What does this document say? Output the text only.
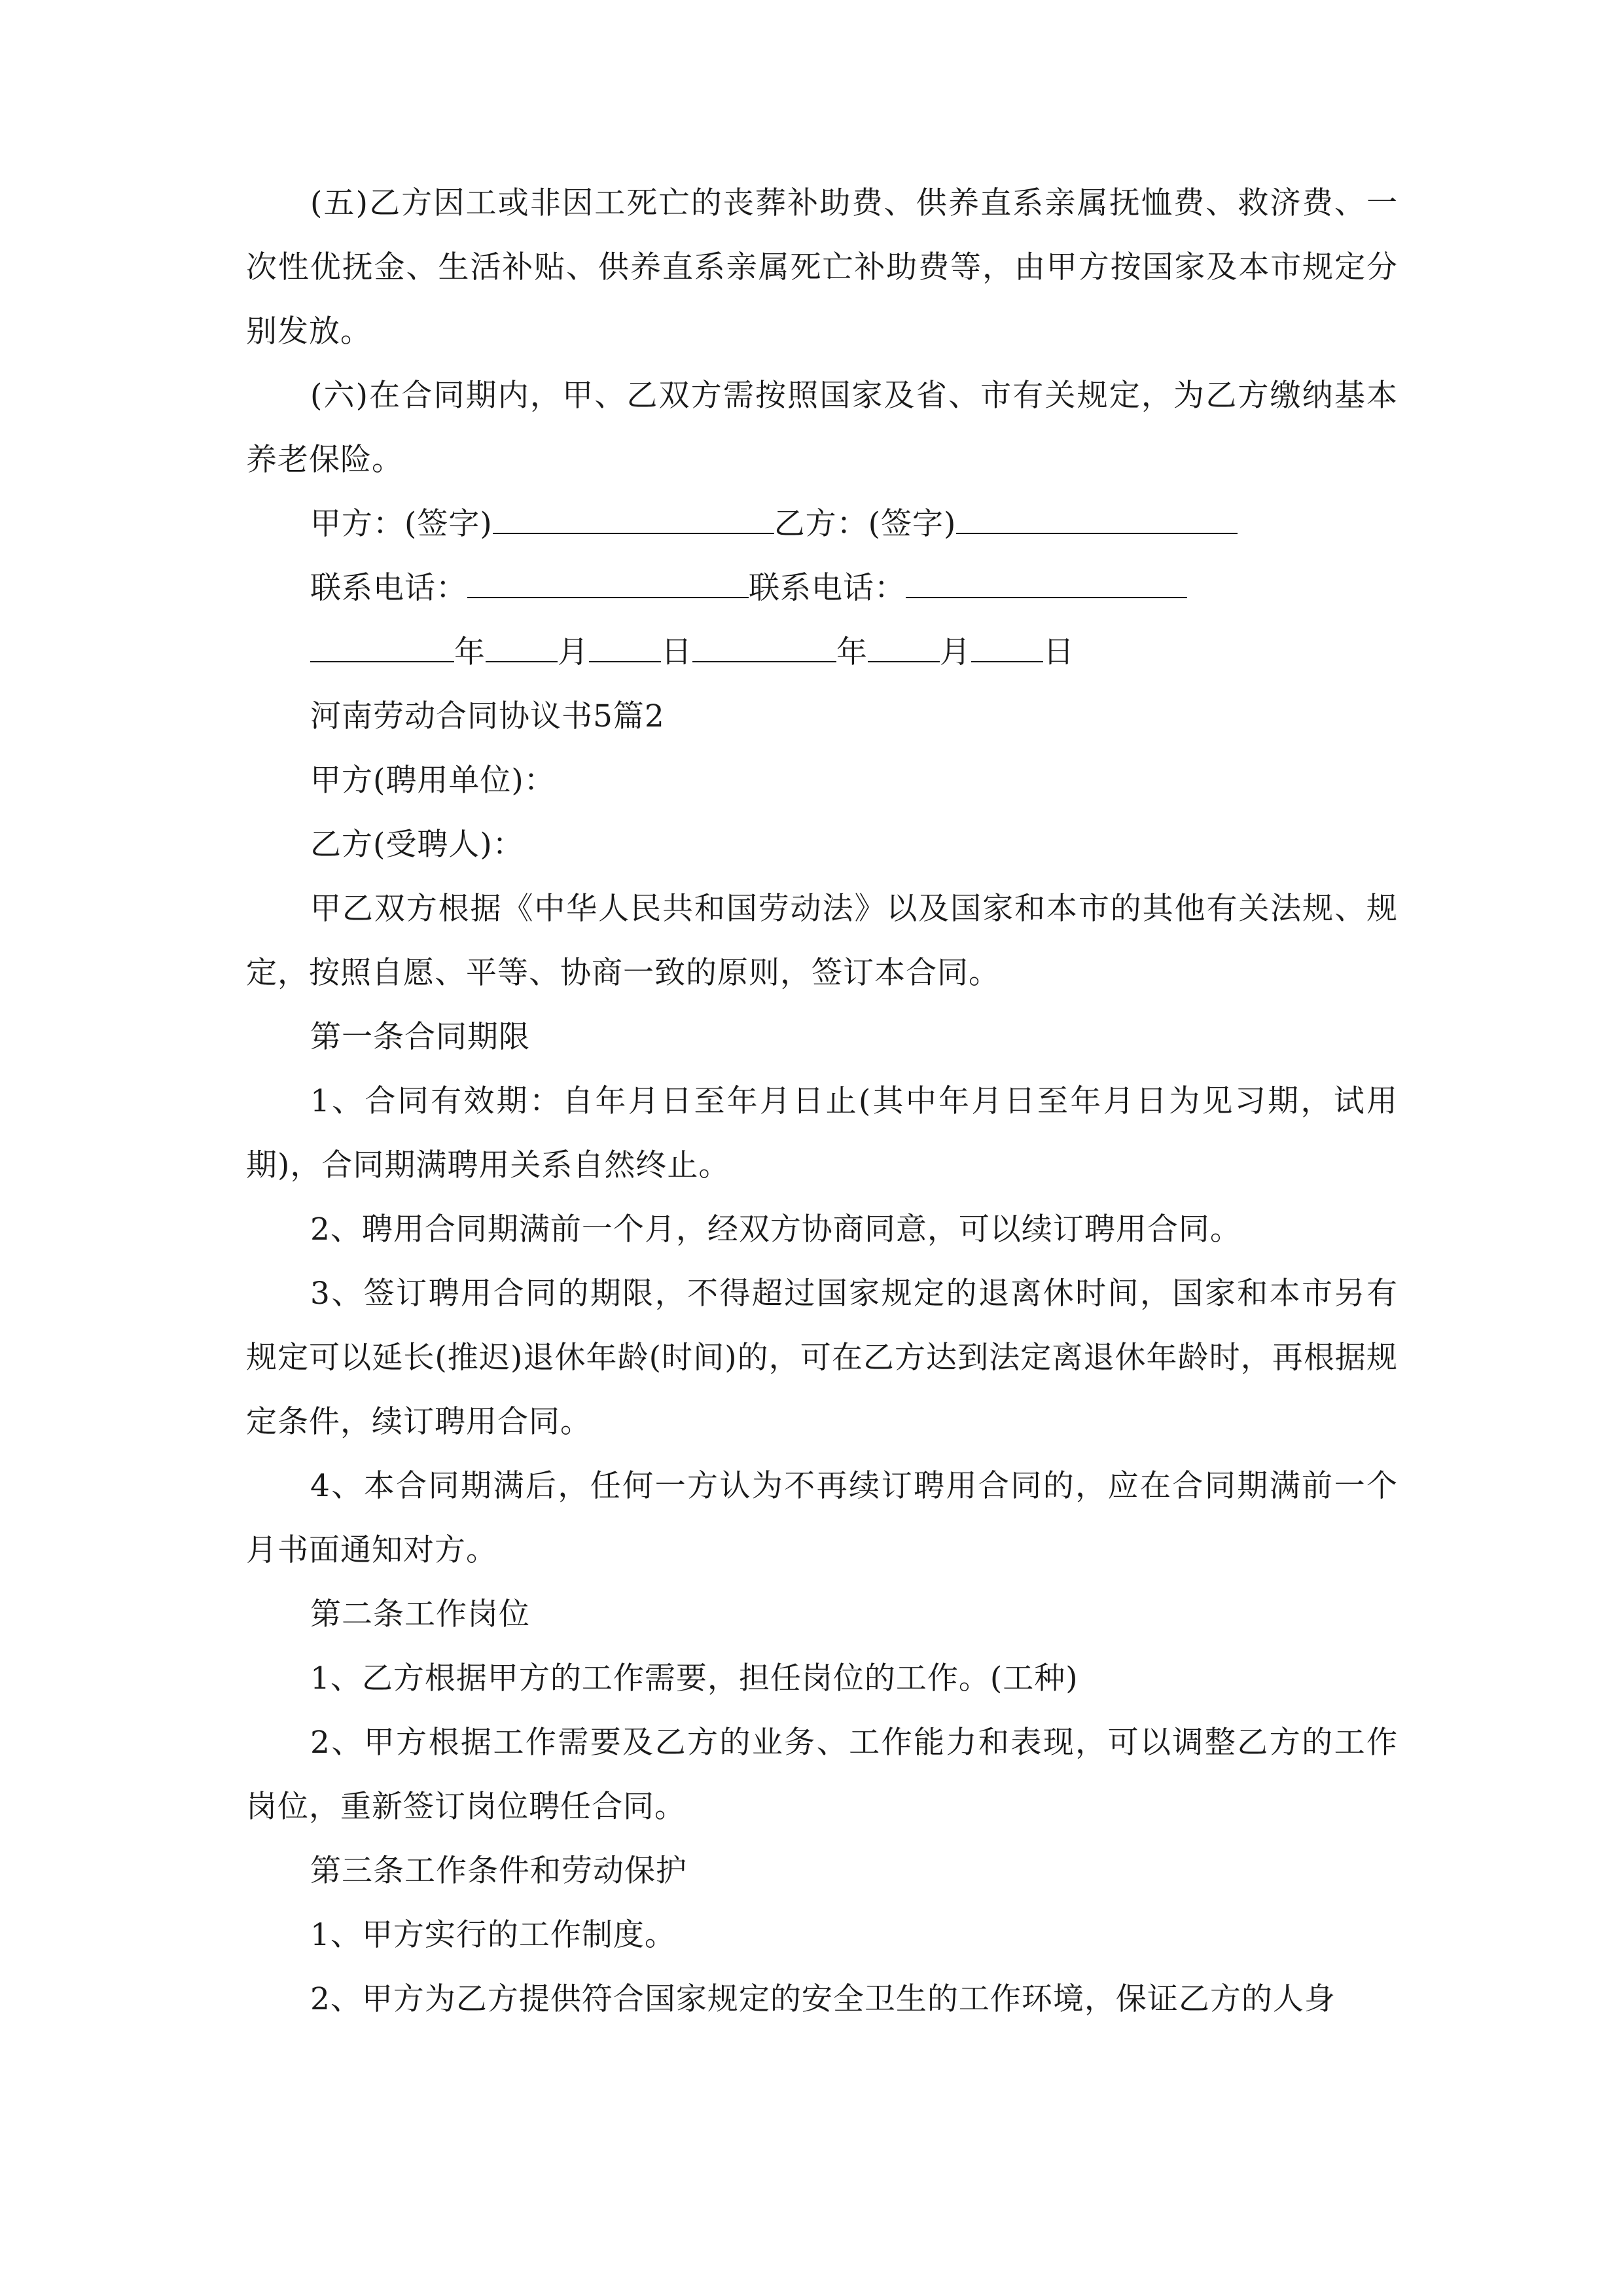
(五)乙方因工或非因工死亡的丧葬补助费、供养直系亲属抚恤费、救济费、一次性优抚金、生活补贴、供养直系亲属死亡补助费等，由甲方按国家及本市规定分别发放。

(六)在合同期内，甲、乙双方需按照国家及省、市有关规定，为乙方缴纳基本养老保险。

甲方：(签字)	乙方：(签字)

联系电话：	联系电话：

年 月 日	年 月 日

河南劳动合同协议书5篇2

甲方(聘用单位)：

乙方(受聘人)：

甲乙双方根据《中华人民共和国劳动法》以及国家和本市的其他有关法规、规定，按照自愿、平等、协商一致的原则，签订本合同。

第一条合同期限

1、合同有效期：自年月日至年月日止(其中年月日至年月日为见习期，试用期)，合同期满聘用关系自然终止。

2、聘用合同期满前一个月，经双方协商同意，可以续订聘用合同。

3、签订聘用合同的期限，不得超过国家规定的退离休时间，国家和本市另有规定可以延长(推迟)退休年龄(时间)的，可在乙方达到法定离退休年龄时，再根据规定条件，续订聘用合同。

4、本合同期满后，任何一方认为不再续订聘用合同的，应在合同期满前一个月书面通知对方。

第二条工作岗位

1、乙方根据甲方的工作需要，担任岗位的工作。(工种)

2、甲方根据工作需要及乙方的业务、工作能力和表现，可以调整乙方的工作岗位，重新签订岗位聘任合同。

第三条工作条件和劳动保护

1、甲方实行的工作制度。

2、甲方为乙方提供符合国家规定的安全卫生的工作环境，保证乙方的人身
